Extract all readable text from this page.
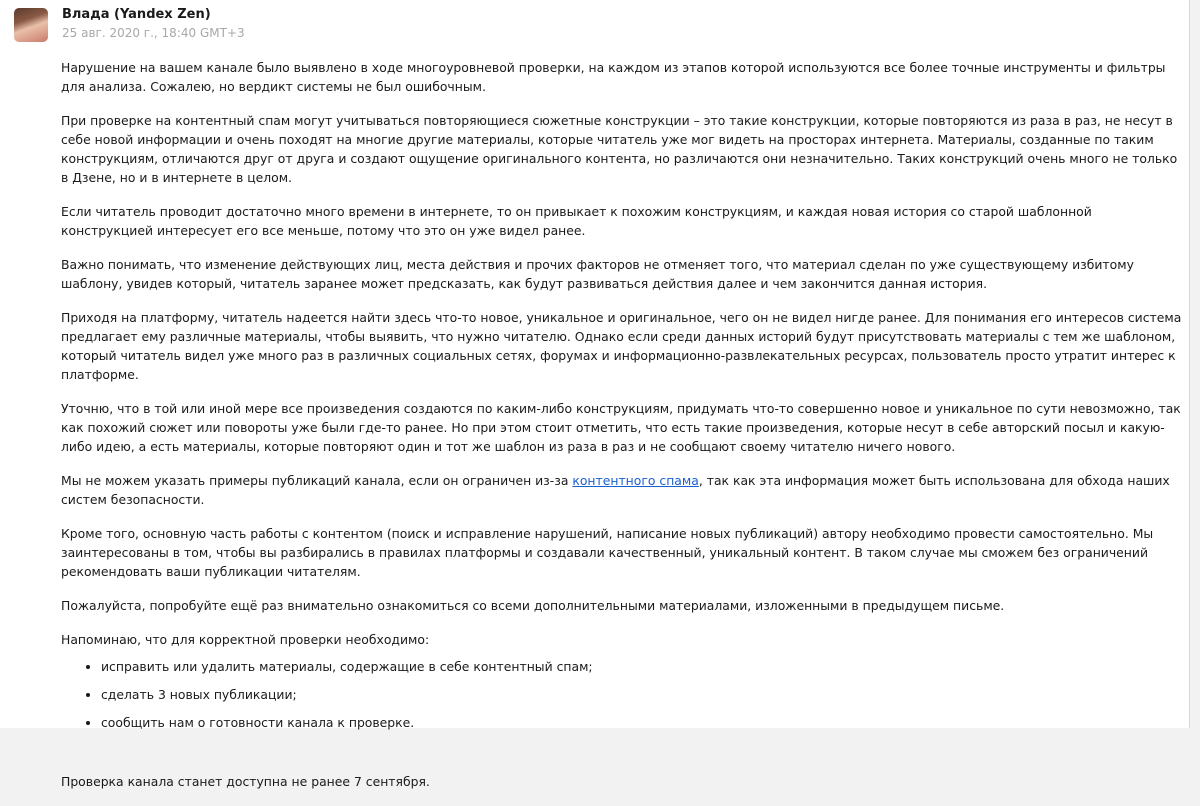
Влада (Yandex Zen)
25 авг. 2020 г., 18:40 GMT+3

Нарушение на вашем канале было выявлено в ходе многоуровневой проверки, на каждом из этапов которой используются все более точные инструменты и фильтры для анализа. Сожалею, но вердикт системы не был ошибочным.

При проверке на контентный спам могут учитываться повторяющиеся сюжетные конструкции – это такие конструкции, которые повторяются из раза в раз, не несут в себе новой информации и очень походят на многие другие материалы, которые читатель уже мог видеть на просторах интернета. Материалы, созданные по таким конструкциям, отличаются друг от друга и создают ощущение оригинального контента, но различаются они незначительно. Таких конструкций очень много не только в Дзене, но и в интернете в целом.

Если читатель проводит достаточно много времени в интернете, то он привыкает к похожим конструкциям, и каждая новая история со старой шаблонной конструкцией интересует его все меньше, потому что это он уже видел ранее.

Важно понимать, что изменение действующих лиц, места действия и прочих факторов не отменяет того, что материал сделан по уже существующему избитому шаблону, увидев который, читатель заранее может предсказать, как будут развиваться действия далее и чем закончится данная история.

Приходя на платформу, читатель надеется найти здесь что-то новое, уникальное и оригинальное, чего он не видел нигде ранее. Для понимания его интересов система предлагает ему различные материалы, чтобы выявить, что нужно читателю. Однако если среди данных историй будут присутствовать материалы с тем же шаблоном, который читатель видел уже много раз в различных социальных сетях, форумах и информационно-развлекательных ресурсах, пользователь просто утратит интерес к платформе.

Уточню, что в той или иной мере все произведения создаются по каким-либо конструкциям, придумать что-то совершенно новое и уникальное по сути невозможно, так как похожий сюжет или повороты уже были где-то ранее. Но при этом стоит отметить, что есть такие произведения, которые несут в себе авторский посыл и какую-либо идею, а есть материалы, которые повторяют один и тот же шаблон из раза в раз и не сообщают своему читателю ничего нового.

Мы не можем указать примеры публикаций канала, если он ограничен из-за контентного спама, так как эта информация может быть использована для обхода наших систем безопасности.

Кроме того, основную часть работы с контентом (поиск и исправление нарушений, написание новых публикаций) автору необходимо провести самостоятельно. Мы заинтересованы в том, чтобы вы разбирались в правилах платформы и создавали качественный, уникальный контент. В таком случае мы сможем без ограничений рекомендовать ваши публикации читателям.

Пожалуйста, попробуйте ещё раз внимательно ознакомиться со всеми дополнительными материалами, изложенными в предыдущем письме.

Напоминаю, что для корректной проверки необходимо:

• исправить или удалить материалы, содержащие в себе контентный спам;
• сделать 3 новых публикации;
• сообщить нам о готовности канала к проверке.

Проверка канала станет доступна не ранее 7 сентября.
